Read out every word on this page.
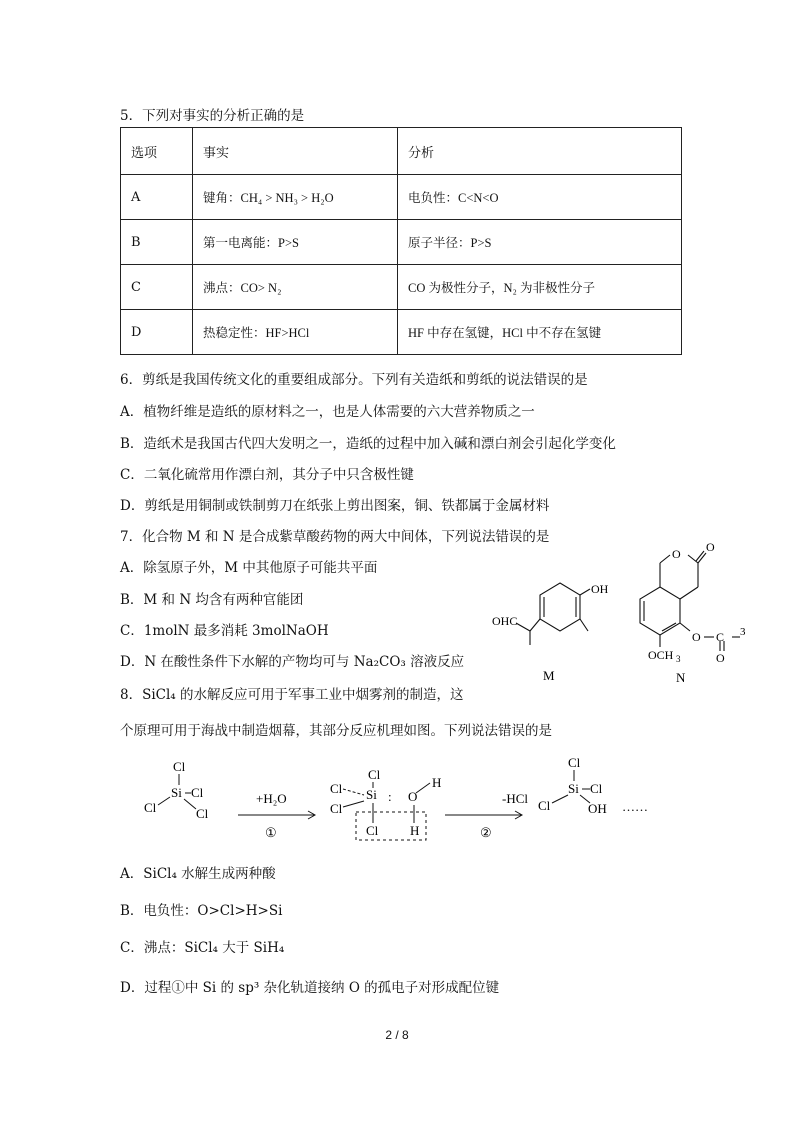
5．下列对事实的分析正确的是
选项	事实	分析
A	键角：CH₄ > NH₃ > H₂O	电负性：C<N<O
B	第一电离能：P>S	原子半径：P>S
C	沸点：CO> N₂	CO 为极性分子，N₂ 为非极性分子
D	热稳定性：HF>HCl	HF 中存在氢键，HCl 中不存在氢键
6．剪纸是我国传统文化的重要组成部分。下列有关造纸和剪纸的说法错误的是
A．植物纤维是造纸的原材料之一，也是人体需要的六大营养物质之一
B．造纸术是我国古代四大发明之一，造纸的过程中加入碱和漂白剂会引起化学变化
C．二氧化硫常用作漂白剂，其分子中只含极性键
D．剪纸是用铜制或铁制剪刀在纸张上剪出图案，铜、铁都属于金属材料
7．化合物 M 和 N 是合成紫草酸药物的两大中间体，下列说法错误的是
A．除氢原子外，M 中其他原子可能共平面
B．M 和 N 均含有两种官能团
C．1molN 最多消耗 3molNaOH
D．N 在酸性条件下水解的产物均可与 Na₂CO₃ 溶液反应
OH
OHC
M
O O
O C 3
O
OCH 3
N
8．SiCl₄ 的水解反应可用于军事工业中烟雾剂的制造，这
个原理可用于海战中制造烟幕，其部分反应机理如图。下列说法错误的是
Cl
Si Cl
Cl	Cl
+H₂O
①
Cl
Cl Si : O
H
Cl
Cl H
-HCl
②
Cl
Si Cl
Cl	OH ……
A．SiCl₄ 水解生成两种酸
B．电负性：O>Cl>H>Si
C．沸点：SiCl₄ 大于 SiH₄
D．过程①中 Si 的 sp³ 杂化轨道接纳 O 的孤电子对形成配位键
2 / 8
